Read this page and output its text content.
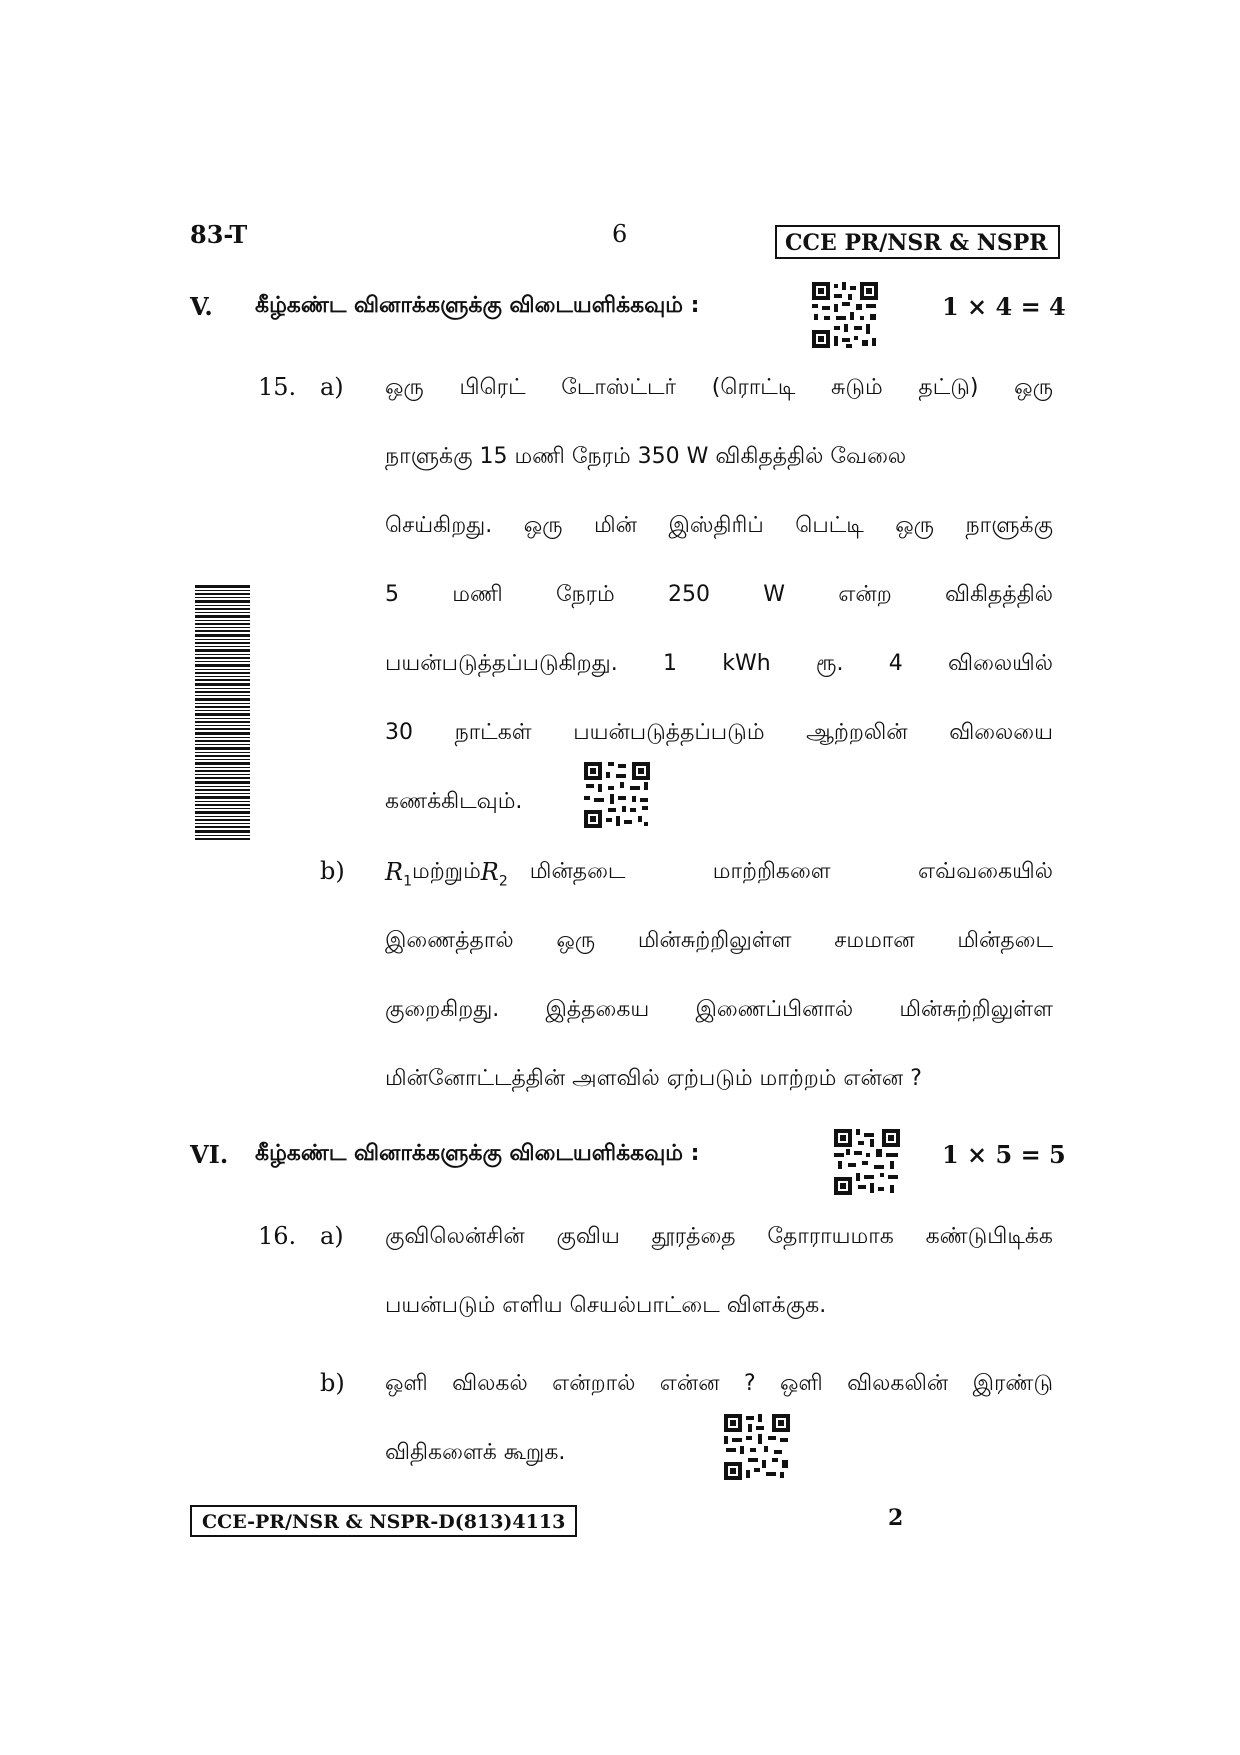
83-T	6	CCE PR/NSR & NSPR
V. கீழ்கண்ட வினாக்களுக்கு விடையளிக்கவும் :	1 × 4 = 4
15. a) ஒரு பிரெட் டோஸ்ட்டர் (ரொட்டி சுடும் தட்டு) ஒரு
நாளுக்கு 15 மணி நேரம் 350 W விகிதத்தில் வேலை
செய்கிறது. ஒரு மின் இஸ்திரிப் பெட்டி ஒரு நாளுக்கு
5 மணி நேரம் 250 W என்ற விகிதத்தில்
பயன்படுத்தப்படுகிறது. 1 kWh ரூ. 4 விலையில்
30 நாட்கள் பயன்படுத்தப்படும் ஆற்றலின் விலையை
கணக்கிடவும்.
b) $R_1$ மற்றும் $R_2$ மின்தடை மாற்றிகளை எவ்வகையில்
இணைத்தால் ஒரு மின்சுற்றிலுள்ள சமமான மின்தடை
குறைகிறது. இத்தகைய இணைப்பினால் மின்சுற்றிலுள்ள
மின்னோட்டத்தின் அளவில் ஏற்படும் மாற்றம் என்ன ?
VI. கீழ்கண்ட வினாக்களுக்கு விடையளிக்கவும் :	1 × 5 = 5
16. a) குவிலென்சின் குவிய தூரத்தை தோராயமாக கண்டுபிடிக்க
பயன்படும் எளிய செயல்பாட்டை விளக்குக.
b) ஒளி விலகல் என்றால் என்ன ? ஒளி விலகலின் இரண்டு
விதிகளைக் கூறுக.
CCE-PR/NSR & NSPR-D(813)4113	2
